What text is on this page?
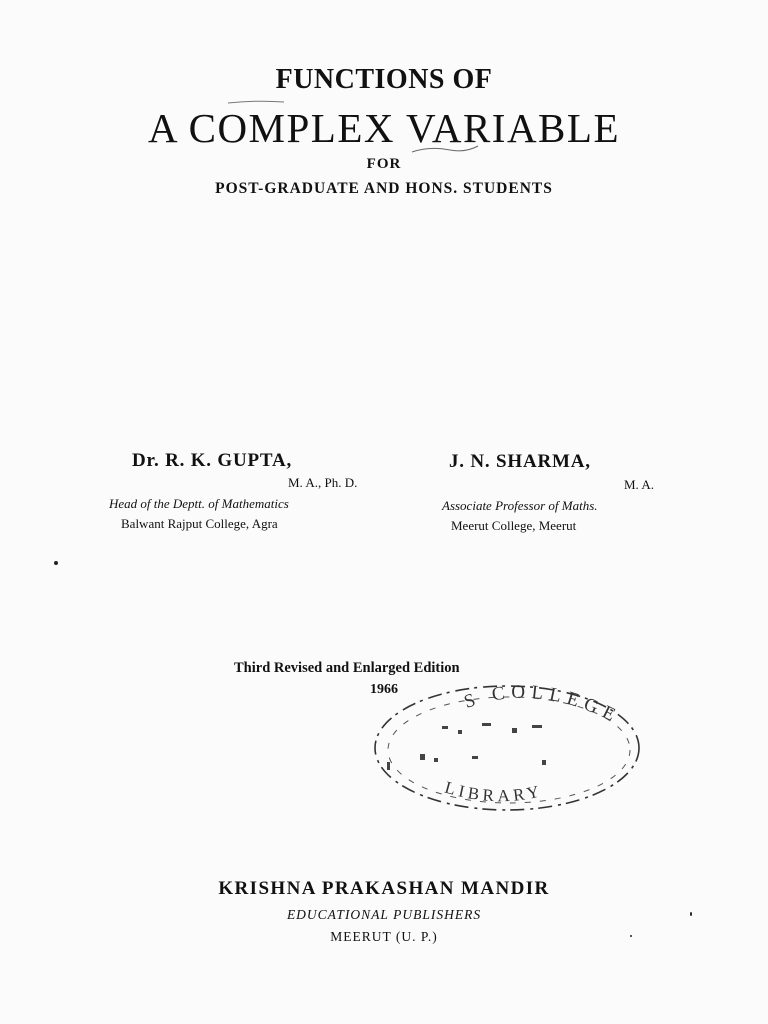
FUNCTIONS OF
A COMPLEX VARIABLE
FOR
POST-GRADUATE AND HONS. STUDENTS
Dr. R. K. GUPTA,
M. A., Ph. D.
Head of the Deptt. of Mathematics
Balwant Rajput College, Agra
J. N. SHARMA,
M. A.
Associate Professor of Maths.
Meerut College, Meerut
Third Revised and Enlarged Edition
1966	S COLLEGE
LIBRARY
KRISHNA PRAKASHAN MANDIR
EDUCATIONAL PUBLISHERS
MEERUT (U. P.)
